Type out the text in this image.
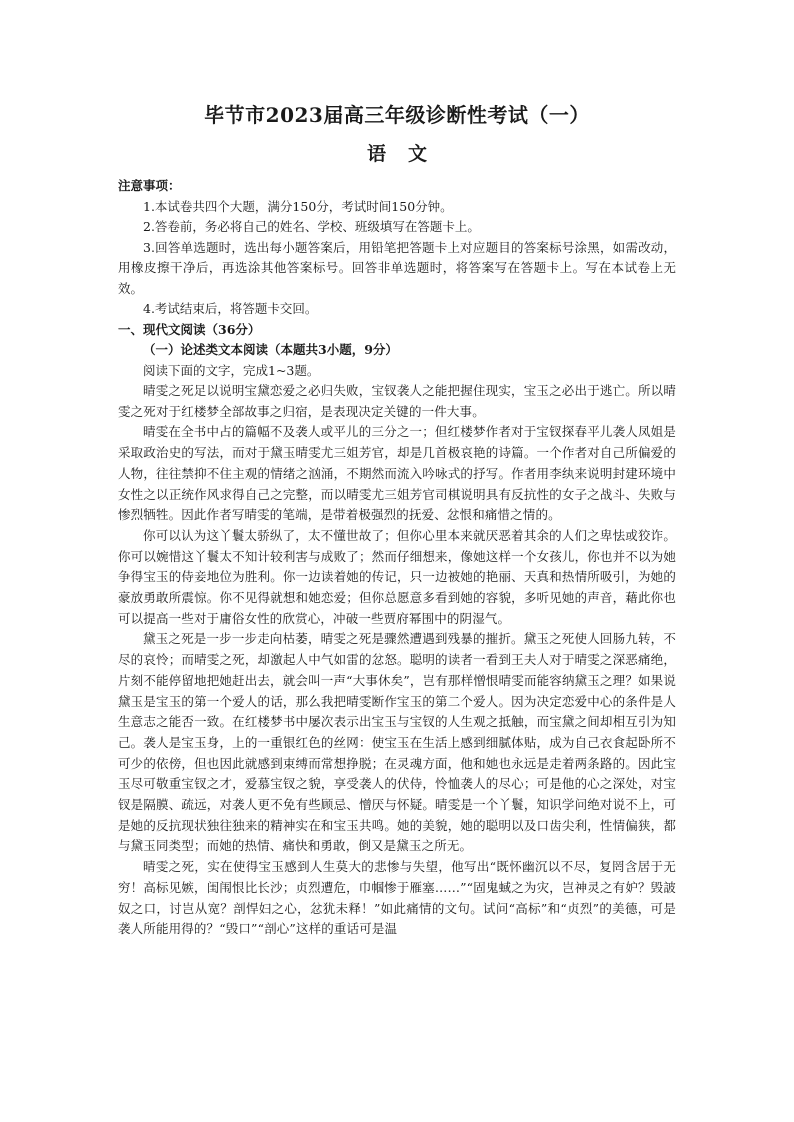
毕节市2023届高三年级诊断性考试（一）
语文

注意事项：

1.本试卷共四个大题，满分150分，考试时间150分钟。

2.答卷前，务必将自己的姓名、学校、班级填写在答题卡上。

3.回答单选题时，选出每小题答案后，用铅笔把答题卡上对应题目的答案标号涂黑，如需改动，用橡皮擦干净后，再选涂其他答案标号。回答非单选题时，将答案写在答题卡上。写在本试卷上无效。

4.考试结束后，将答题卡交回。

一、现代文阅读（36分）

（一）论述类文本阅读（本题共3小题，9分）

阅读下面的文字，完成1~3题。

晴雯之死足以说明宝黛恋爱之必归失败，宝钗袭人之能把握住现实，宝玉之必出于逃亡。所以晴雯之死对于红楼梦全部故事之归宿，是表现决定关键的一件大事。

晴雯在全书中占的篇幅不及袭人或平儿的三分之一；但红楼梦作者对于宝钗探春平儿袭人凤姐是采取政治史的写法，而对于黛玉晴雯尤三姐芳官，却是几首极哀艳的诗篇。一个作者对自己所偏爱的人物，往往禁抑不住主观的情绪之汹涌，不期然而流入吟咏式的抒写。作者用李纨来说明封建环境中女性之以正统作风求得自己之完整，而以晴雯尤三姐芳官司棋说明具有反抗性的女子之战斗、失败与惨烈牺牲。因此作者写晴雯的笔端，是带着极强烈的抚爱、忿恨和痛惜之情的。

你可以认为这丫鬟太骄纵了，太不懂世故了；但你心里本来就厌恶着其余的人们之卑怯或狡诈。你可以婉惜这丫鬟太不知计较利害与成败了；然而仔细想来，像她这样一个女孩儿，你也并不以为她争得宝玉的侍妾地位为胜利。你一边读着她的传记，只一边被她的艳丽、天真和热情所吸引，为她的豪放勇敢所震惊。你不见得就想和她恋爱；但你总愿意多看到她的容貌，多听见她的声音，藉此你也可以提高一些对于庸俗女性的欣赏心，冲破一些贾府幂围中的阴湿气。

黛玉之死是一步一步走向枯萎，晴雯之死是骤然遭遇到残暴的摧折。黛玉之死使人回肠九转，不尽的哀怜；而晴雯之死，却激起人中气如雷的忿怒。聪明的读者一看到王夫人对于晴雯之深恶痛绝，片刻不能停留地把她赶出去，就会叫一声“大事休矣”，岂有那样憎恨晴雯而能容纳黛玉之理？如果说黛玉是宝玉的第一个爱人的话，那么我把晴雯断作宝玉的第二个爱人。因为决定恋爱中心的条件是人生意志之能否一致。在红楼梦书中屡次表示出宝玉与宝钗的人生观之抵触，而宝黛之间却相互引为知己。袭人是宝玉身，上的一重银红色的丝网：使宝玉在生活上感到细腻体贴，成为自己衣食起卧所不可少的依傍，但也因此就感到束缚而常想挣脱；在灵魂方面，他和她也永远是走着两条路的。因此宝玉尽可敬重宝钗之才，爱慕宝钗之貌，享受袭人的伏侍，怜恤袭人的尽心；可是他的心之深处，对宝钗是隔膜、疏远，对袭人更不免有些顾忌、憎厌与怀疑。晴雯是一个丫鬟，知识学问绝对说不上，可是她的反抗现状独往独来的精神实在和宝玉共鸣。她的美貌，她的聪明以及口齿尖利，性情偏狭，都与黛玉同类型；而她的热情、痛快和勇敢，倒又是黛玉之所无。

晴雯之死，实在使得宝玉感到人生莫大的悲惨与失望，他写出“既怀幽沉以不尽，复罔含居于无穷！高标见嫉，闺闱恨比长沙；贞烈遭危，巾帼惨于雁塞……”“固鬼蜮之为灾，岂神灵之有妒？毁詖奴之口，讨岂从宽？剖悍妇之心，忿犹未释！”如此痛情的文句。试问“高标”和“贞烈”的美德，可是袭人所能用得的？“毁口”“剖心”这样的重话可是温
